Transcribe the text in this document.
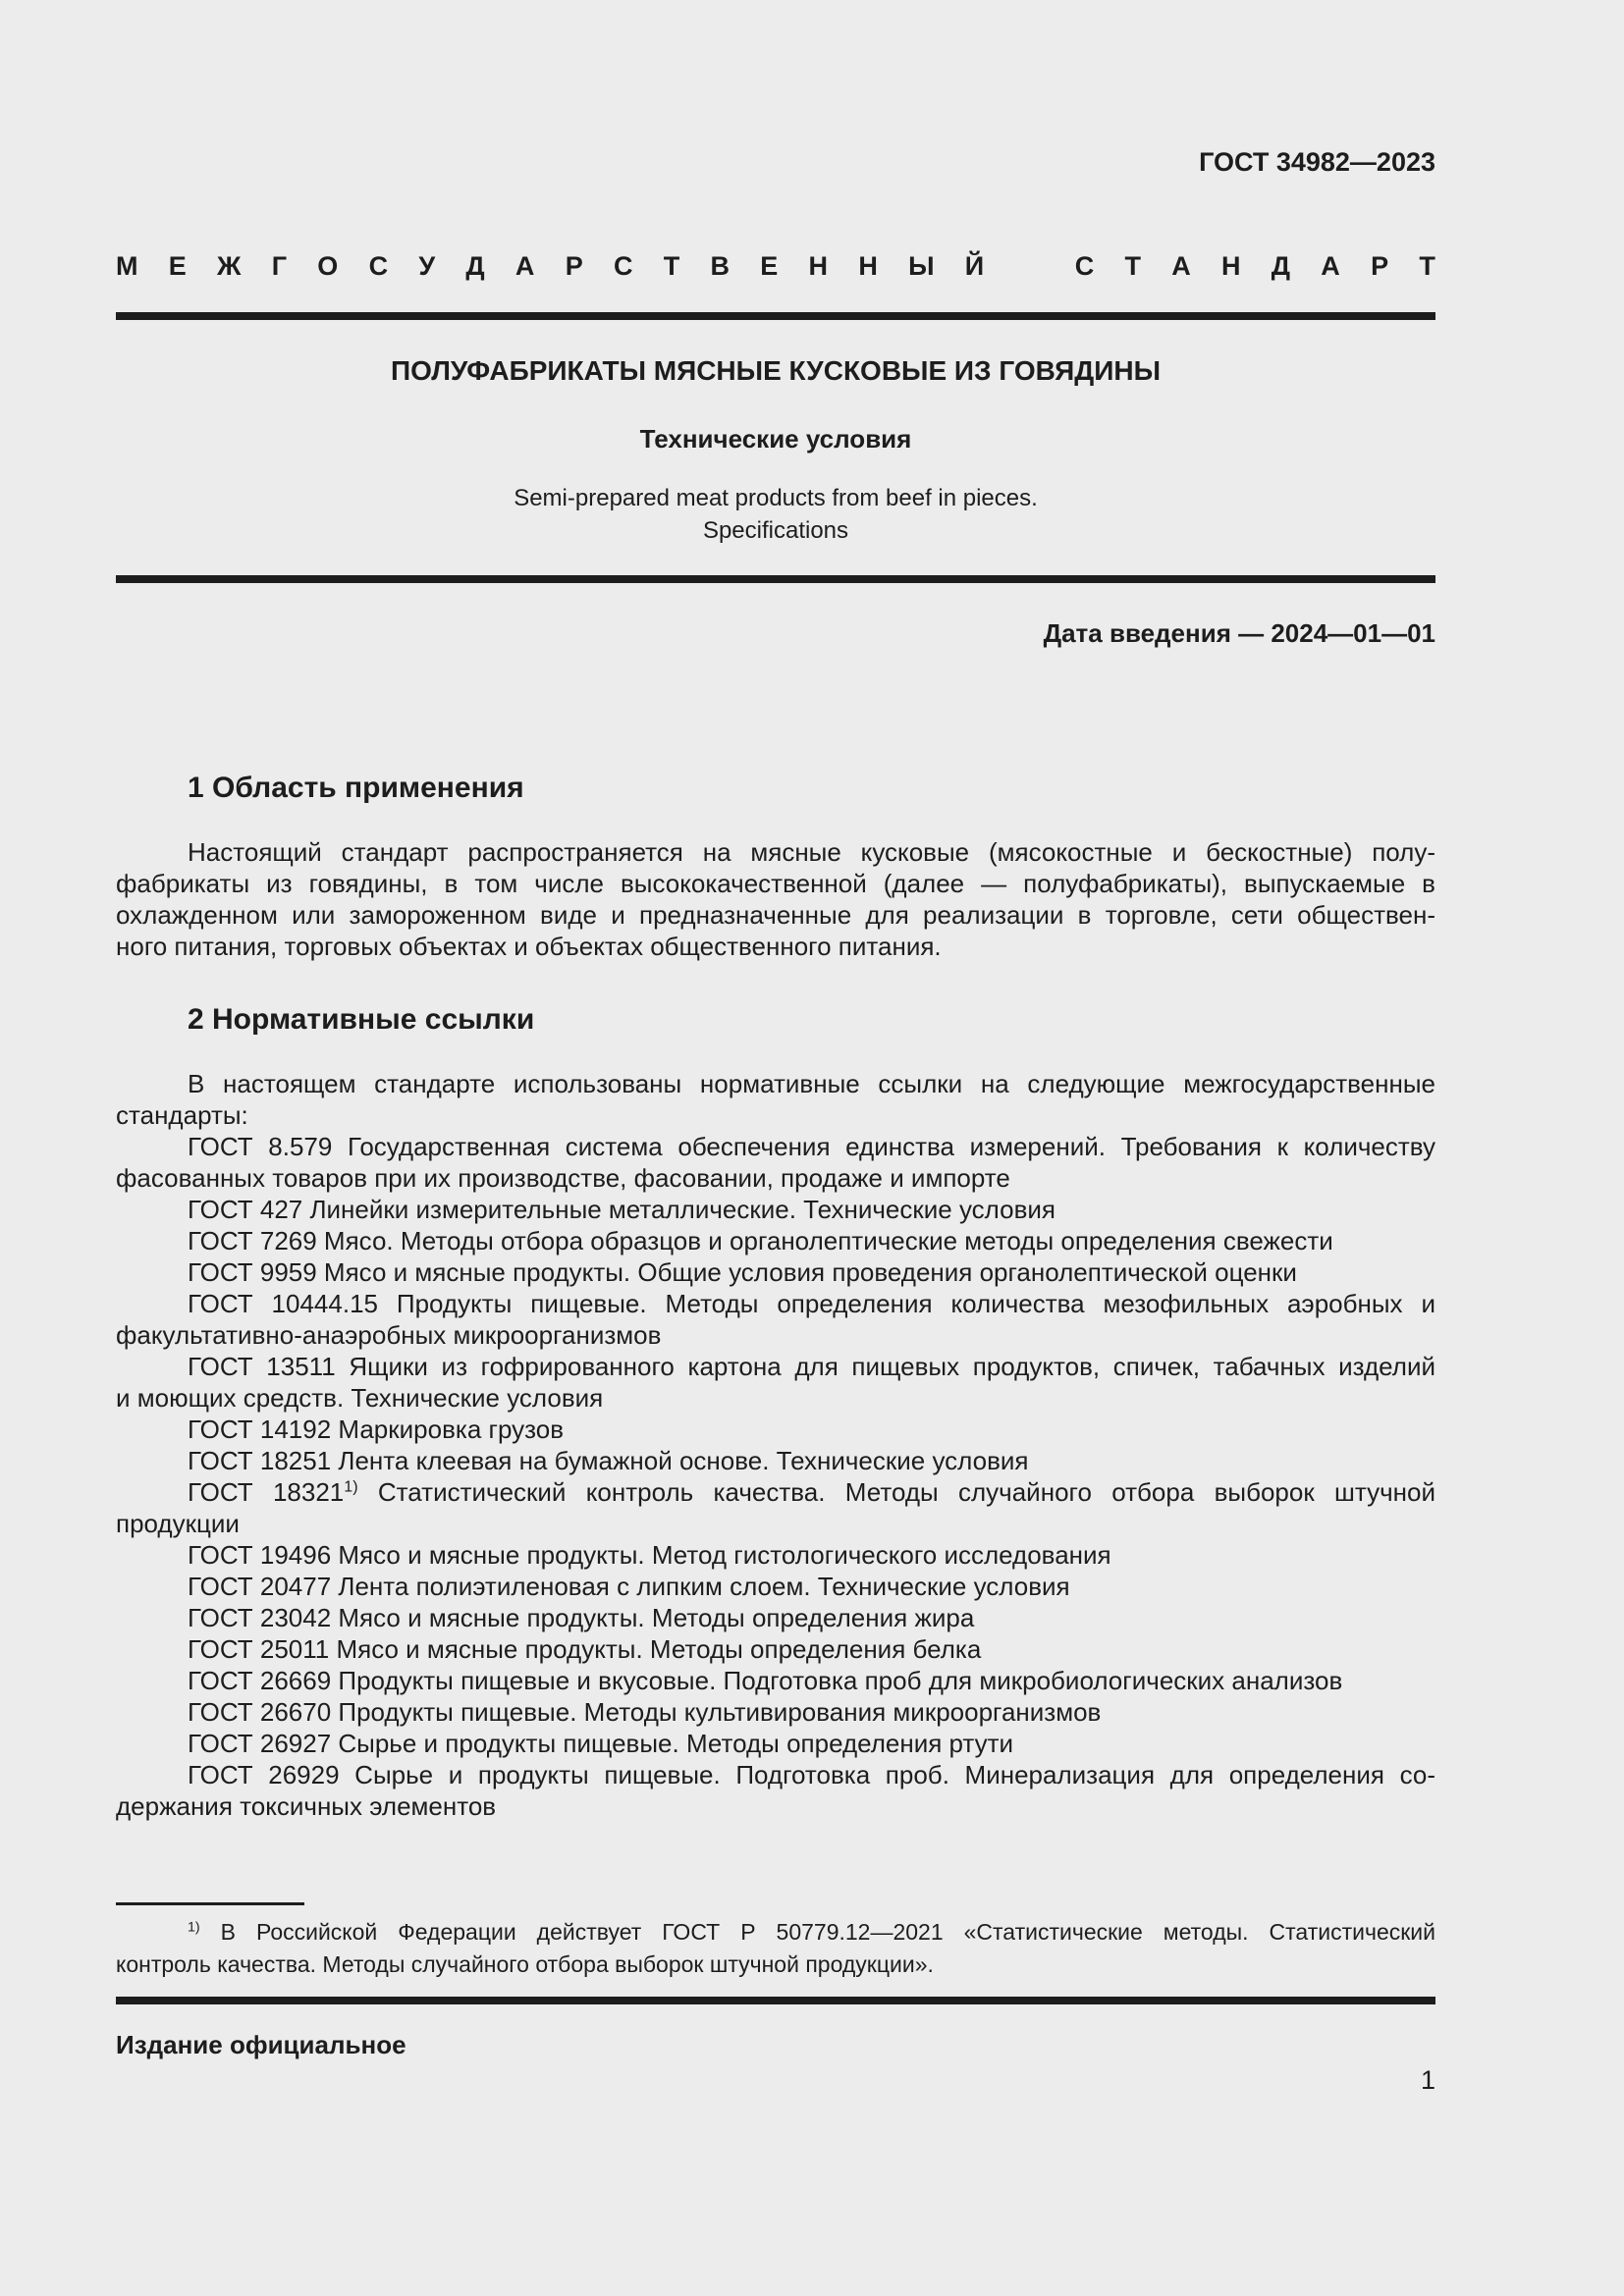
ГОСТ 34982—2023
М Е Ж Г О С У Д А Р С Т В Е Н Н Ы Й
	С Т А Н Д А Р Т
ПОЛУФАБРИКАТЫ МЯСНЫЕ КУСКОВЫЕ ИЗ ГОВЯДИНЫ
Технические условия
Semi-prepared meat products from beef in pieces.
Specifications
Дата введения — 2024—01—01
1 Область применения
Настоящий стандарт распространяется на мясные кусковые (мясокостные и бескостные) полу-
фабрикаты из говядины, в том числе высококачественной (далее — полуфабрикаты), выпускаемые в
охлажденном или замороженном виде и предназначенные для реализации в торговле, сети обществен-
ного питания, торговых объектах и объектах общественного питания.
2 Нормативные ссылки
В настоящем стандарте использованы нормативные ссылки на следующие межгосударственные
стандарты:
ГОСТ 8.579 Государственная система обеспечения единства измерений. Требования к количеству
фасованных товаров при их производстве, фасовании, продаже и импорте
ГОСТ 427 Линейки измерительные металлические. Технические условия
ГОСТ 7269 Мясо. Методы отбора образцов и органолептические методы определения свежести
ГОСТ 9959 Мясо и мясные продукты. Общие условия проведения органолептической оценки
ГОСТ 10444.15 Продукты пищевые. Методы определения количества мезофильных аэробных и
факультативно-анаэробных микроорганизмов
ГОСТ 13511 Ящики из гофрированного картона для пищевых продуктов, спичек, табачных изделий
и моющих средств. Технические условия
ГОСТ 14192 Маркировка грузов
ГОСТ 18251 Лента клеевая на бумажной основе. Технические условия
ГОСТ 18321$^{1)}$ Статистический контроль качества. Методы случайного отбора выборок штучной
продукции
ГОСТ 19496 Мясо и мясные продукты. Метод гистологического исследования
ГОСТ 20477 Лента полиэтиленовая с липким слоем. Технические условия
ГОСТ 23042 Мясо и мясные продукты. Методы определения жира
ГОСТ 25011 Мясо и мясные продукты. Методы определения белка
ГОСТ 26669 Продукты пищевые и вкусовые. Подготовка проб для микробиологических анализов
ГОСТ 26670 Продукты пищевые. Методы культивирования микроорганизмов
ГОСТ 26927 Сырье и продукты пищевые. Методы определения ртути
ГОСТ 26929 Сырье и продукты пищевые. Подготовка проб. Минерализация для определения со-
держания токсичных элементов
$^{1)}$ В Российской Федерации действует ГОСТ Р 50779.12—2021 «Статистические методы. Статистический
контроль качества. Методы случайного отбора выборок штучной продукции».
Издание официальное
1
